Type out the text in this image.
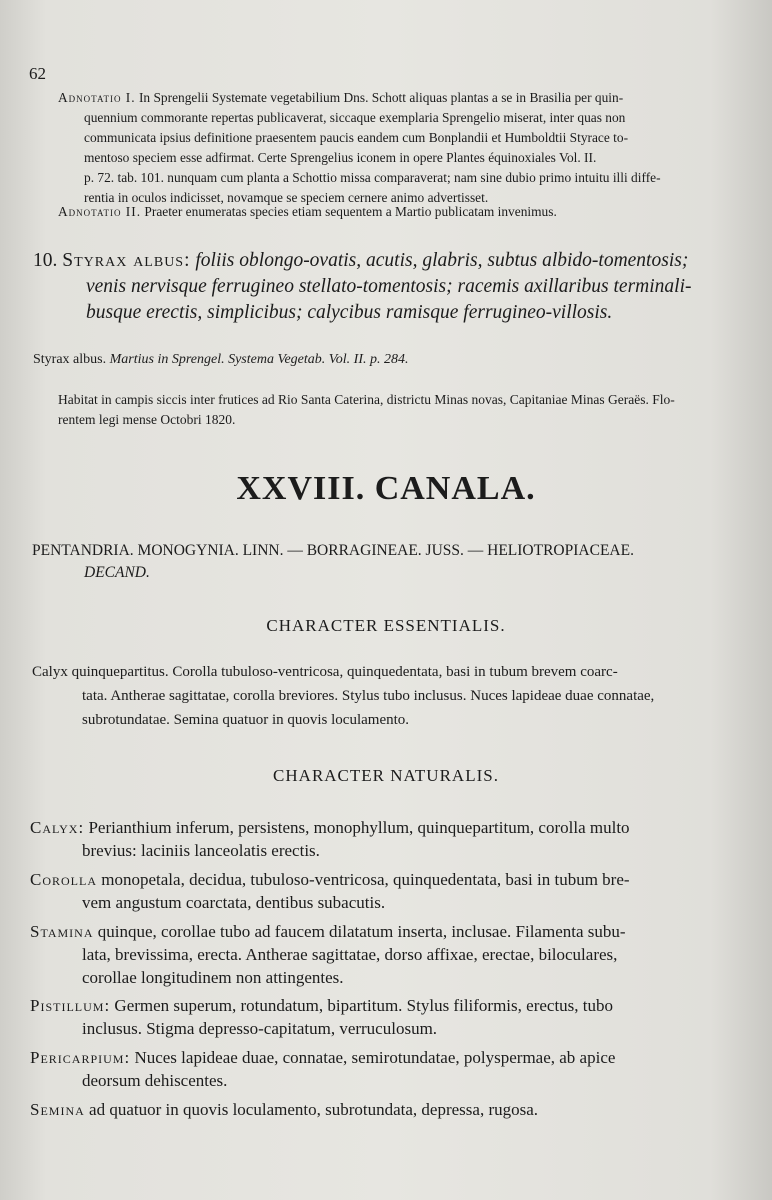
62
Adnotatio I. In Sprengelii Systemate vegetabilium Dns. Schott aliquas plantas a se in Brasilia per quin-
quennium commorante repertas publicaverat, siccaque exemplaria Sprengelio miserat, inter quas non
communicata ipsius definitione praesentem paucis eandem cum Bonplandii et Humboldtii Styrace to-
mentoso speciem esse adfirmat. Certe Sprengelius iconem in opere Plantes équinoxiales Vol. II.
p. 72. tab. 101. nunquam cum planta a Schottio missa comparaverat; nam sine dubio primo intuitu illi diffe-
rentia in oculos indicisset, novamque se speciem cernere animo advertisset.
Adnotatio II. Praeter enumeratas species etiam sequentem a Martio publicatam invenimus.
10. Styrax albus: foliis oblongo-ovatis, acutis, glabris, subtus albido-tomentosis;
venis nervisque ferrugineo stellato-tomentosis; racemis axillaribus terminali-
busque erectis, simplicibus; calycibus ramisque ferrugineo-villosis.
Styrax albus. Martius in Sprengel. Systema Vegetab. Vol. II. p. 284.
Habitat in campis siccis inter frutices ad Rio Santa Caterina, districtu Minas novas, Capitaniae Minas Geraës. Flo-
rentem legi mense Octobri 1820.
XXVIII. CANALA.
PENTANDRIA. MONOGYNIA. LINN. — BORRAGINEAE. JUSS. — HELIOTROPIACEAE.
DECAND.
CHARACTER ESSENTIALIS.
Calyx quinquepartitus. Corolla tubuloso-ventricosa, quinquedentata, basi in tubum brevem coarc-
tata. Antherae sagittatae, corolla breviores. Stylus tubo inclusus. Nuces lapideae duae connatae,
subrotundatae. Semina quatuor in quovis loculamento.
CHARACTER NATURALIS.
Calyx: Perianthium inferum, persistens, monophyllum, quinquepartitum, corolla multo
brevius: laciniis lanceolatis erectis.
Corolla monopetala, decidua, tubuloso-ventricosa, quinquedentata, basi in tubum bre-
vem angustum coarctata, dentibus subacutis.
Stamina quinque, corollae tubo ad faucem dilatatum inserta, inclusae. Filamenta subu-
lata, brevissima, erecta. Antherae sagittatae, dorso affixae, erectae, biloculares,
corollae longitudinem non attingentes.
Pistillum: Germen superum, rotundatum, bipartitum. Stylus filiformis, erectus, tubo
inclusus. Stigma depresso-capitatum, verruculosum.
Pericarpium: Nuces lapideae duae, connatae, semirotundatae, polyspermae, ab apice
deorsum dehiscentes.
Semina ad quatuor in quovis loculamento, subrotundata, depressa, rugosa.
